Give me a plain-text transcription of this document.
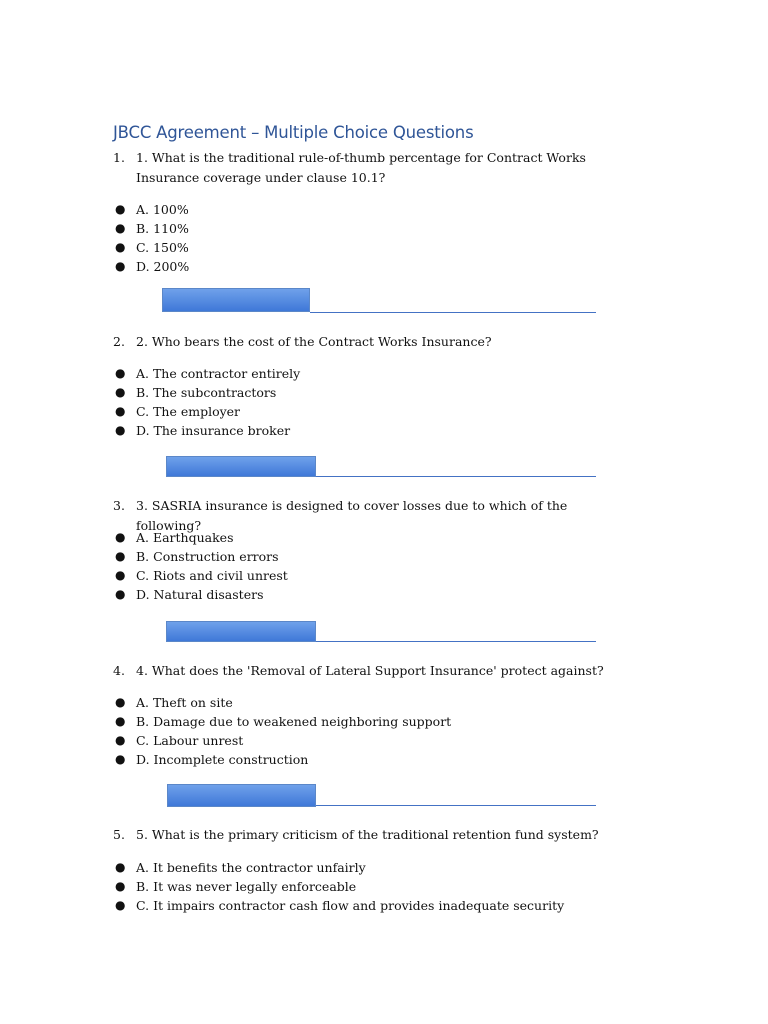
JBCC Agreement – Multiple Choice Questions
1. 1. What is the traditional rule-of-thumb percentage for Contract Works Insurance coverage under clause 10.1?
● A. 100%
● B. 110%
● C. 150%
● D. 200%
2. 2. Who bears the cost of the Contract Works Insurance?
● A. The contractor entirely
● B. The subcontractors
● C. The employer
● D. The insurance broker
3. 3. SASRIA insurance is designed to cover losses due to which of the following?
● A. Earthquakes
● B. Construction errors
● C. Riots and civil unrest
● D. Natural disasters
4. 4. What does the 'Removal of Lateral Support Insurance' protect against?
● A. Theft on site
● B. Damage due to weakened neighboring support
● C. Labour unrest
● D. Incomplete construction
5. 5. What is the primary criticism of the traditional retention fund system?
● A. It benefits the contractor unfairly
● B. It was never legally enforceable
● C. It impairs contractor cash flow and provides inadequate security
